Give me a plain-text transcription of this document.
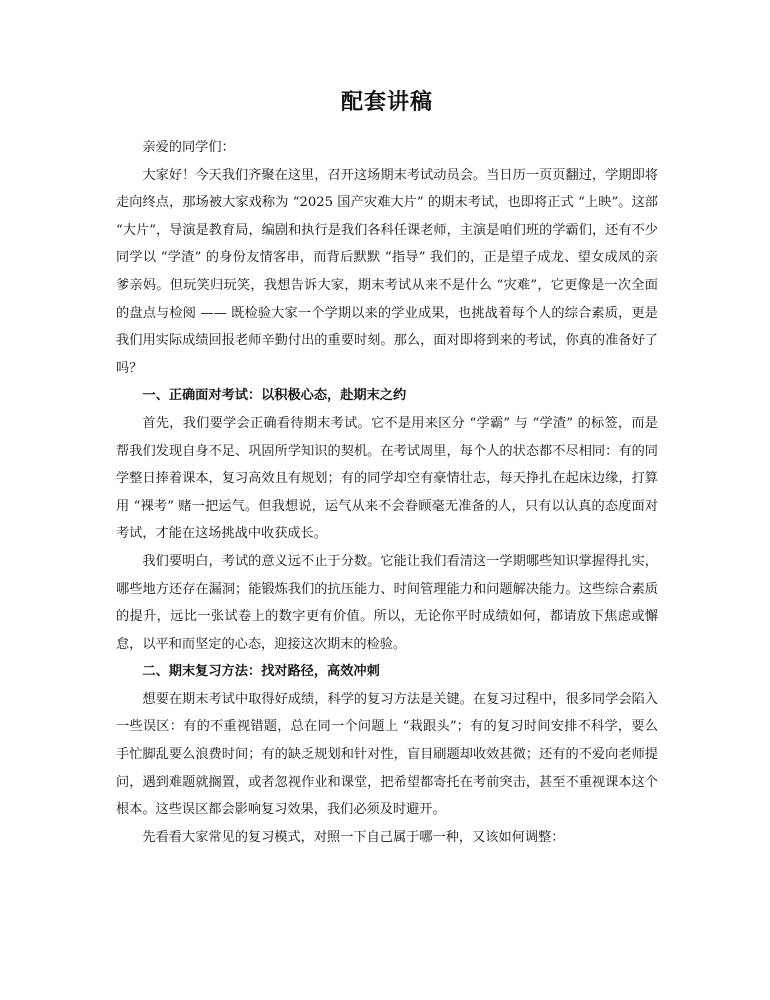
配套讲稿

亲爱的同学们：

大家好！今天我们齐聚在这里，召开这场期末考试动员会。当日历一页页翻过，学期即将走向终点，那场被大家戏称为 “2025 国产灾难大片” 的期末考试，也即将正式 “上映”。这部 “大片”，导演是教育局，编剧和执行是我们各科任课老师，主演是咱们班的学霸们，还有不少同学以 “学渣” 的身份友情客串，而背后默默 “指导” 我们的，正是望子成龙、望女成凤的亲爹亲妈。但玩笑归玩笑，我想告诉大家，期末考试从来不是什么 “灾难”，它更像是一次全面的盘点与检阅 —— 既检验大家一个学期以来的学业成果，也挑战着每个人的综合素质，更是我们用实际成绩回报老师辛勤付出的重要时刻。那么，面对即将到来的考试，你真的准备好了吗？

一、正确面对考试：以积极心态，赴期末之约

首先，我们要学会正确看待期末考试。它不是用来区分 “学霸” 与 “学渣” 的标签，而是帮我们发现自身不足、巩固所学知识的契机。在考试周里，每个人的状态都不尽相同：有的同学整日捧着课本，复习高效且有规划；有的同学却空有豪情壮志，每天挣扎在起床边缘，打算用 “裸考” 赌一把运气。但我想说，运气从来不会眷顾毫无准备的人，只有以认真的态度面对考试，才能在这场挑战中收获成长。

我们要明白，考试的意义远不止于分数。它能让我们看清这一学期哪些知识掌握得扎实，哪些地方还存在漏洞；能锻炼我们的抗压能力、时间管理能力和问题解决能力。这些综合素质的提升，远比一张试卷上的数字更有价值。所以，无论你平时成绩如何，都请放下焦虑或懈怠，以平和而坚定的心态，迎接这次期末的检验。

二、期末复习方法：找对路径，高效冲刺

想要在期末考试中取得好成绩，科学的复习方法是关键。在复习过程中，很多同学会陷入一些误区：有的不重视错题，总在同一个问题上 “栽跟头”；有的复习时间安排不科学，要么手忙脚乱要么浪费时间；有的缺乏规划和针对性，盲目刷题却收效甚微；还有的不爱向老师提问，遇到难题就搁置，或者忽视作业和课堂，把希望都寄托在考前突击，甚至不重视课本这个根本。这些误区都会影响复习效果，我们必须及时避开。

先看看大家常见的复习模式，对照一下自己属于哪一种，又该如何调整：
